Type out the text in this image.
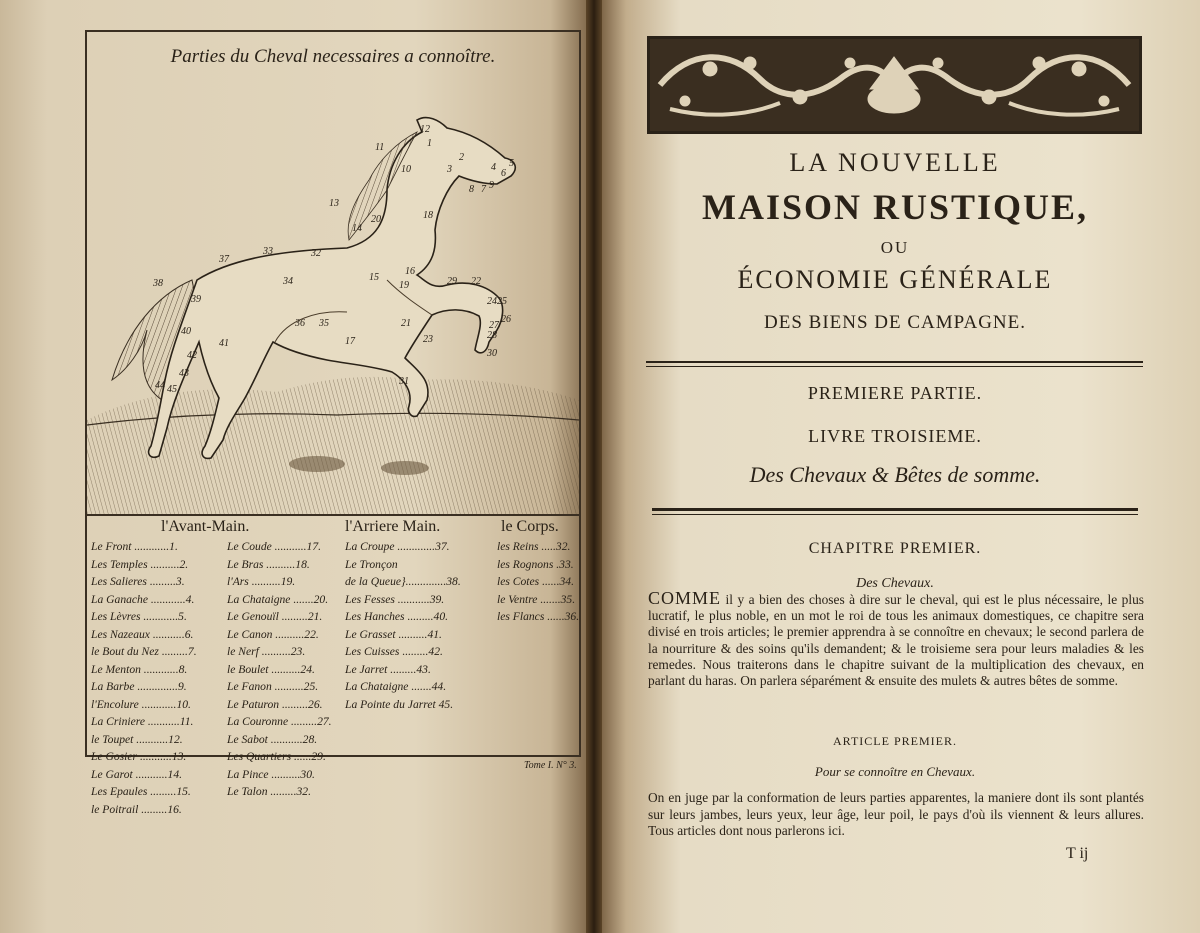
Parties du Cheval necessaires a connoître.
12
11	1
2
3	4 5
6
7 9
8
10
18
14
13
20
32
33
37
38	34
39
35
36
15
16
29 22
24
23
21
25
26
27
28
30
31
17
40
41
42
43
44 45
19
l'Avant-Main.
Le Front ............1.
Les Temples ..........2.
Les Salieres .........3.
La Ganache ............4.
Les Lèvres ............5.
Les Nazeaux ...........6.
le Bout du Nez .........7.
Le Menton ............8.
La Barbe ..............9.
l'Encolure ............10.
La Criniere ...........11.
le Toupet ...........12.
Le Gosier ...........13.
Le Garot ...........14.
Les Epaules .........15.
le Poitrail .........16.

Le Coude ...........17.
Le Bras ..........18.
l'Ars ..........19.
La Chataigne .......20.
Le Genouïl .........21.
Le Canon ..........22.
le Nerf ..........23.
le Boulet ..........24.
Le Fanon ..........25.
Le Paturon .........26.
La Couronne .........27.
Le Sabot ...........28.
Les Quartiers ......29.
La Pince ..........30.
Le Talon .........32.
l'Arriere Main.
La Croupe .............37.
Le Tronçon
de la Queue}..............38.
Les Fesses ...........39.
Les Hanches .........40.
Le Grasset ..........41.
Les Cuisses .........42.
Le Jarret .........43.
La Chataigne .......44.
La Pointe du Jarret 45.
le Corps.
les Reins .....32.
les Rognons .33.
les Cotes ......34.
le Ventre .......35.
les Flancs ......36.
Tome I. N° 3.
LA NOUVELLE
MAISON RUSTIQUE,
OU
ÉCONOMIE GÉNÉRALE
DES BIENS DE CAMPAGNE.
PREMIERE PARTIE.
LIVRE TROISIEME.
Des Chevaux & Bêtes de somme.
CHAPITRE PREMIER.
Des Chevaux.
COMME il y a bien des choses à dire sur le cheval, qui est le plus nécessaire, le plus lucratif, le plus noble, en un mot le roi de tous les animaux domestiques, ce chapitre sera divisé en trois articles; le premier apprendra à se connoître en chevaux; le second parlera de la nourriture & des soins qu'ils demandent; & le troisieme sera pour leurs maladies & les remedes. Nous traiterons dans le chapitre suivant de la multiplication des chevaux, en parlant du haras. On parlera séparément & ensuite des mulets & autres bêtes de somme.
ARTICLE PREMIER.
Pour se connoître en Chevaux.
On en juge par la conformation de leurs parties apparentes, la maniere dont ils sont plantés sur leurs jambes, leurs yeux, leur âge, leur poil, le pays d'où ils viennent & leurs allures. Tous articles dont nous parlerons ici.
T ij
